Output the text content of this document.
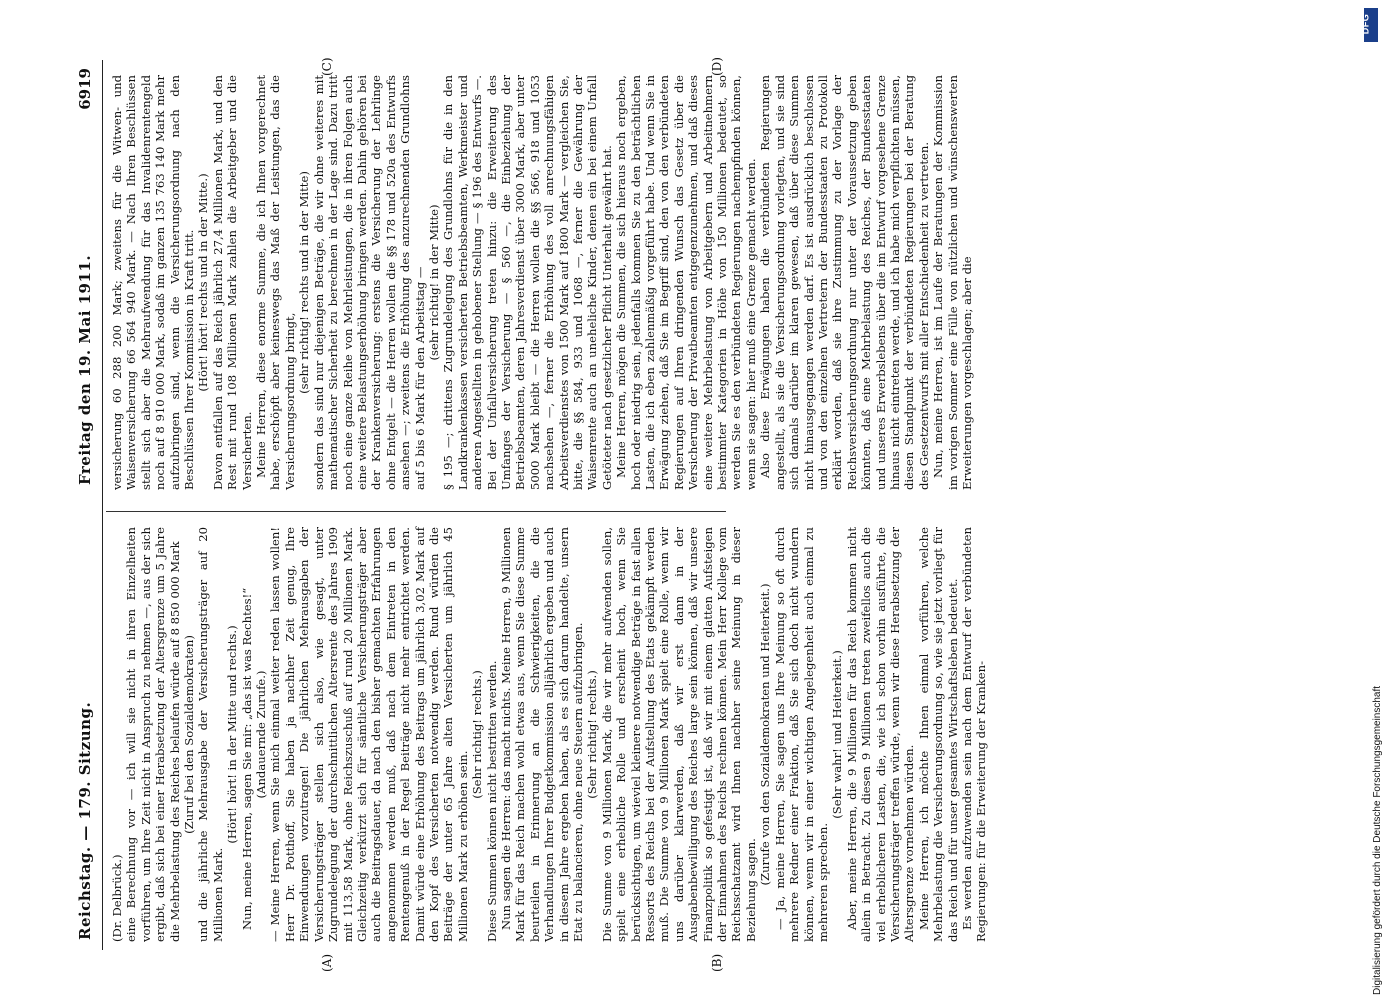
Reichstag. — 179. Sitzung.
Freitag den 19. Mai 1911.
6919

(Dr. Delbrück.) eine Berechnung vor — ich will sie nicht in ihren Einzelheiten vorführen, um Ihre Zeit nicht in Anspruch zu nehmen —, aus der sich ergibt, daß sich bei einer Herabsetzung der Altersgrenze um 5 Jahre die Mehrbelastung des Reiches belaufen würde auf 8 850 000 Mark (Zuruf bei den Sozialdemokraten) und die jährliche Mehrausgabe der Versicherungsträger auf 20 Millionen Mark.

(Hört! hört! in der Mitte und rechts.) Nun, meine Herren, sagen Sie mir: „das ist was Rechtes!“ (Andauernde Zurufe.) — Meine Herren, wenn Sie mich einmal weiter reden lassen wollen! Herr Dr. Potthoff, Sie haben ja nachher Zeit genug, Ihre Einwendungen vorzutragen! Die jährlichen Mehrausgaben der Versicherungsträger stellen sich also, wie gesagt, unter Zugrundelegung der durchschnittlichen Altersrente des Jahres 1909 mit 113,58 Mark, ohne Reichszuschuß auf rund 20 Millionen Mark. Gleichzeitig verkürzt sich für sämtliche Versicherungsträger aber auch die Beitragsdauer, da nach den bisher gemachten Erfahrungen angenommen werden muß, daß nach dem Eintreten in den Rentengenuß in der Regel Beiträge nicht mehr entrichtet werden. Damit würde eine Erhöhung des Beitrags um jährlich 3,02 Mark auf den Kopf des Versicherten notwendig werden. Rund würden die Beiträge der unter 65 Jahre alten Versicherten um jährlich 45 Millionen Mark zu erhöhen sein.

(Sehr richtig! rechts.) Diese Summen können nicht bestritten werden. Nun sagen die Herren: das macht nichts. Meine Herren, 9 Millionen Mark für das Reich machen wohl etwas aus, wenn Sie diese Summe beurteilen in Erinnerung an die Schwierigkeiten, die die Verhandlungen Ihrer Budgetkommission alljährlich ergeben und auch in diesem Jahre ergeben haben, als es sich darum handelte, unsern Etat zu balancieren, ohne neue Steuern aufzubringen. (Sehr richtig! rechts.) Die Summe von 9 Millionen Mark, die wir mehr aufwenden sollen, spielt eine erhebliche Rolle und erscheint hoch, wenn Sie berücksichtigen, um wieviel kleinere notwendige Beträge in fast allen Ressorts des Reichs bei der Aufstellung des Etats gekämpft werden muß. Die Summe von 9 Millionen Mark spielt eine Rolle, wenn wir uns darüber klarwerden, daß wir erst dann in der Ausgabenbewilligung des Reiches large sein können, daß wir unsere Finanzpolitik so gefestigt ist, daß wir mit einem glatten Aufsteigen der Einnahmen des Reichs rechnen können. Mein Herr Kollege vom Reichsschatzamt wird Ihnen nachher seine Meinung in dieser Beziehung sagen.

(Zurufe von den Sozialdemokraten und Heiterkeit.) — Ja, meine Herren, Sie sagen uns Ihre Meinung so oft durch mehrere Redner einer Fraktion, daß Sie sich doch nicht wundern können, wenn wir in einer wichtigen Angelegenheit auch einmal zu mehreren sprechen.

(Sehr wahr! und Heiterkeit.) Aber, meine Herren, die 9 Millionen für das Reich kommen nicht allein in Betracht. Zu diesen 9 Millionen treten zweifellos auch die viel erheblicheren Lasten, die, wie ich schon vorhin ausführte, die Versicherungsträger treffen würde, wenn wir diese Herabsetzung der Altersgrenze vornehmen würden. Meine Herren, ich möchte Ihnen einmal vorführen, welche Mehrbelastung die Versicherungsordnung so, wie sie jetzt vorliegt für das Reich und für unser gesamtes Wirtschaftsleben bedeutet. Es werden aufzuwenden sein nach dem Entwurf der verbündeten Regierungen: für die Erweiterung der Kranken-

versicherung 60 288 200 Mark; zweitens für die Witwen- und Waisenversicherung 66 564 940 Mark. — Nach Ihren Beschlüssen stellt sich aber die Mehraufwendung für das Invalidenrentengeld noch auf 8 910 000 Mark, sodaß im ganzen 135 763 140 Mark mehr aufzubringen sind, wenn die Versicherungsordnung nach den Beschlüssen Ihrer Kommission in Kraft tritt. (Hört! hört! rechts und in der Mitte.) Davon entfallen auf das Reich jährlich 27,4 Millionen Mark, und den Rest mit rund 108 Millionen Mark zahlen die Arbeitgeber und die Versicherten. Meine Herren, diese enorme Summe, die ich Ihnen vorgerechnet habe, erschöpft aber keineswegs das Maß der Leistungen, das die Versicherungsordnung bringt,

(sehr richtig! rechts und in der Mitte) sondern das sind nur diejenigen Beträge, die wir ohne weiteres mit mathematischer Sicherheit zu berechnen in der Lage sind. Dazu tritt noch eine ganze Reihe von Mehrleistungen, die in ihren Folgen auch eine weitere Belastungserhöhung bringen werden. Dahin gehören bei der Krankenversicherung: erstens die Versicherung der Lehrlinge ohne Entgelt — die Herren wollen die §§ 178 und 520a des Entwurfs ansehen —; zweitens die Erhöhung des anzurechnenden Grundlohns auf 5 bis 6 Mark für den Arbeitstag — (sehr richtig! in der Mitte) § 195 —; drittens Zugrundelegung des Grundlohns für die in den Landkrankenkassen versicherten Betriebsbeamten, Werkmeister und anderen Angestellten in gehobener Stellung — § 196 des Entwurfs —. Bei der Unfallversicherung treten hinzu: die Erweiterung des Umfanges der Versicherung — § 560 —, die Einbeziehung der Betriebsbeamten, deren Jahresverdienst über 3000 Mark, aber unter 5000 Mark bleibt — die Herren wollen die §§ 566, 918 und 1053 nachsehen —, ferner die Erhöhung des voll anrechnungsfähigen Arbeitsverdienstes von 1500 Mark auf 1800 Mark — vergleichen Sie, bitte, die §§ 584, 933 und 1068 —, ferner die Gewährung der Waisenrente auch an uneheliche Kinder, denen ein bei einem Unfall Getöteter nach gesetzlicher Pflicht Unterhalt gewährt hat. Meine Herren, mögen die Summen, die sich hieraus noch ergeben, hoch oder niedrig sein, jedenfalls kommen Sie zu den beträchtlichen Lasten, die ich eben zahlenmäßig vorgeführt habe. Und wenn Sie in Erwägung ziehen, daß Sie im Begriff sind, den von den verbündeten Regierungen auf Ihren dringenden Wunsch das Gesetz über die Versicherung der Privatbeamten entgegenzunehmen, und daß dieses eine weitere Mehrbelastung von Arbeitgebern und Arbeitnehmern bestimmter Kategorien in Höhe von 150 Millionen bedeutet, so werden Sie es den verbündeten Regierungen nachempfinden können, wenn sie sagen: hier muß eine Grenze gemacht werden. Also diese Erwägungen haben die verbündeten Regierungen angestellt, als sie die Versicherungsordnung vorlegten, und sie sind sich damals darüber im klaren gewesen, daß über diese Summen nicht hinausgegangen werden darf. Es ist ausdrücklich beschlossen und von den einzelnen Vertretern der Bundesstaaten zu Protokoll erklärt worden, daß sie ihre Zustimmung zu der Vorlage der Reichsversicherungsordnung nur unter der Voraussetzung geben könnten, daß eine Mehrbelastung des Reiches, der Bundesstaaten und unseres Erwerbslebens über die im Entwurf vorgesehene Grenze hinaus nicht eintreten werde, und ich habe mich verpflichten müssen, diesen Standpunkt der verbündeten Regierungen bei der Beratung des Gesetzentwurfs mit aller Entschiedenheit zu vertreten. Nun, meine Herren, ist im Laufe der Beratungen der Kommission im vorigen Sommer eine Fülle von nützlichen und wünschenswerten Erweiterungen vorgeschlagen; aber die

(A)	(B)
(C)	(D)
DFG
Digitalisierung gefördert durch die Deutsche Forschungsgemeinschaft
